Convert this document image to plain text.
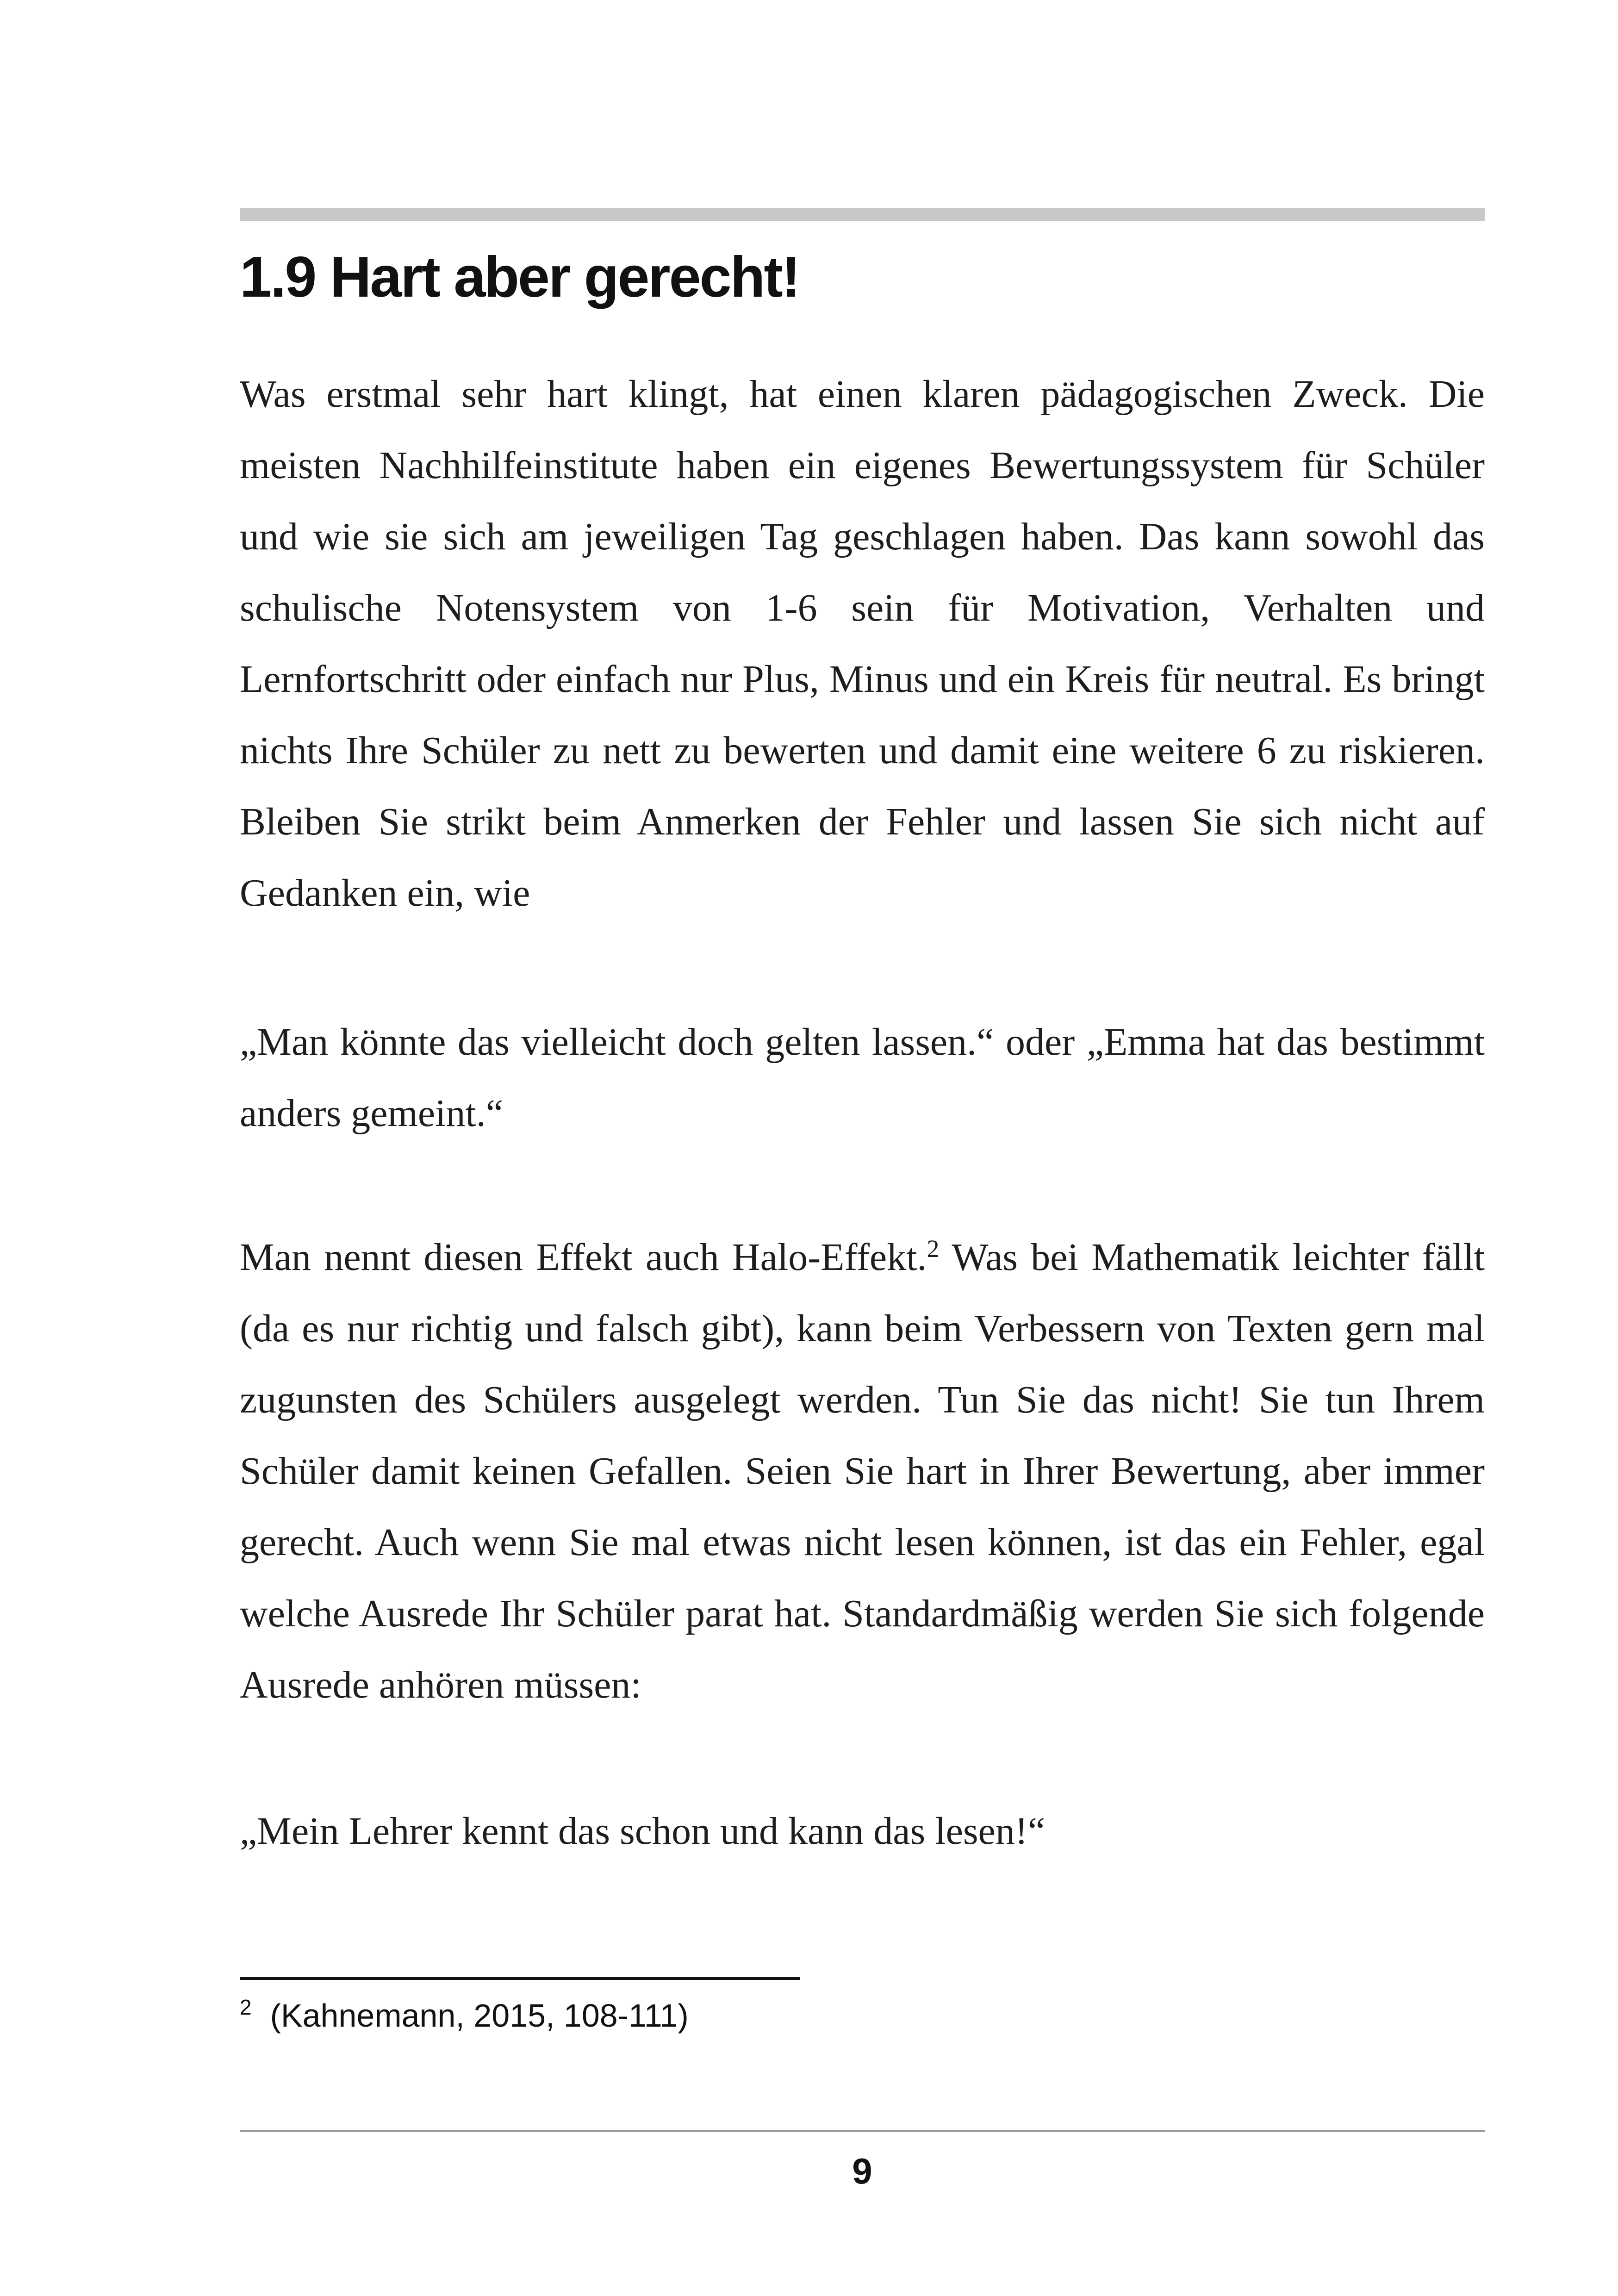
1.9 Hart aber gerecht!

Was erstmal sehr hart klingt, hat einen klaren pädagogischen Zweck. Die meisten Nachhilfeinstitute haben ein eigenes Bewertungssystem für Schüler und wie sie sich am jeweiligen Tag geschlagen haben. Das kann sowohl das schulische Notensystem von 1-6 sein für Motivation, Verhalten und Lernfortschritt oder einfach nur Plus, Minus und ein Kreis für neutral. Es bringt nichts Ihre Schüler zu nett zu bewerten und damit eine weitere 6 zu riskieren. Bleiben Sie strikt beim Anmerken der Fehler und lassen Sie sich nicht auf Gedanken ein, wie

„Man könnte das vielleicht doch gelten lassen.“ oder „Emma hat das bestimmt anders gemeint.“

Man nennt diesen Effekt auch Halo-Effekt.$^2$ Was bei Mathematik leichter fällt (da es nur richtig und falsch gibt), kann beim Verbessern von Texten gern mal zugunsten des Schülers ausgelegt werden. Tun Sie das nicht! Sie tun Ihrem Schüler damit keinen Gefallen. Seien Sie hart in Ihrer Bewertung, aber immer gerecht. Auch wenn Sie mal etwas nicht lesen können, ist das ein Fehler, egal welche Ausrede Ihr Schüler parat hat. Standardmäßig werden Sie sich folgende Ausrede anhören müssen:

„Mein Lehrer kennt das schon und kann das lesen!“

$^2$ (Kahnemann, 2015, 108-111)

9
